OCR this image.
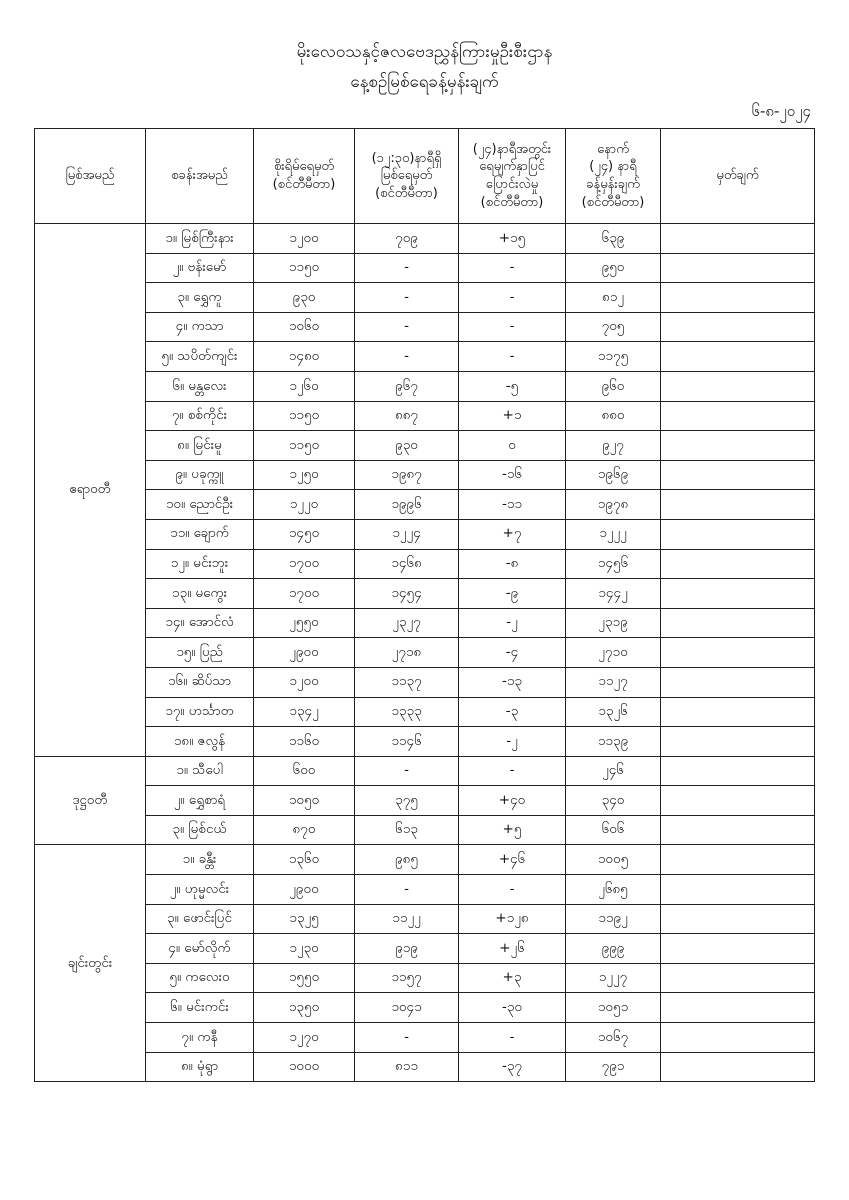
မိုးလေဝသနှင့်ဇလဗေဒညွှန်ကြားမှုဦးစီးဌာန
နေ့စဉ်မြစ်ရေခန့်မှန်းချက်
၆-၈-၂၀၂၄
မြစ်အမည်	စခန်းအမည်	စိုးရိမ်ရေမှတ်
(စင်တီမီတာ)	(၁၂:၃၀)နာရီရှိ
မြစ်ရေမှတ်
(စင်တီမီတာ)	(၂၄)နာရီအတွင်း
ရေမျက်နှာပြင်
ပြောင်းလဲမှု
(စင်တီမီတာ)	နောက်
(၂၄) နာရီ
ခန့်မှန်းချက်
(စင်တီမီတာ)	မှတ်ချက်
ဧရာဝတီ	၁။ မြစ်ကြီးနား	၁၂၀၀	၇၀၉	+၁၅	၆၃၉	
	၂။ ဗန်းမော်	၁၁၅၀	-	-	၉၅၀	
	၃။ ရွှေကူ	၉၃၀	-	-	၈၁၂	
	၄။ ကသာ	၁၀၆၀	-	-	၇၀၅	
	၅။ သပိတ်ကျင်း	၁၄၈၀	-	-	၁၁၇၅	
	၆။ မန္တလေး	၁၂၆၀	၉၆၇	-၅	၉၆၀	
	၇။ စစ်ကိုင်း	၁၁၅၀	၈၈၇	+၁	၈၈၀	
	၈။ မြင်းမူ	၁၁၅၀	၉၃၀	၀	၉၂၇	
	၉။ ပခုက္ကူ	၁၂၅၀	၁၉၈၇	-၁၆	၁၉၆၉	
	၁၀။ ညောင်ဦး	၁၂၂၀	၁၉၉၆	-၁၁	၁၉၇၈	
	၁၁။ ချောက်	၁၄၅၀	၁၂၂၄	+၇	၁၂၂၂	
	၁၂။ မင်းဘူး	၁၇၀၀	၁၄၆၈	-၈	၁၄၅၆	
	၁၃။ မကွေး	၁၇၀၀	၁၄၅၄	-၉	၁၄၄၂	
	၁၄။ အောင်လံ	၂၅၅၀	၂၃၂၇	-၂	၂၃၁၉	
	၁၅။ ပြည်	၂၉၀၀	၂၇၁၈	-၄	၂၇၁၀	
	၁၆။ ဆိပ်သာ	၁၂၀၀	၁၁၃၇	-၁၃	၁၁၂၇	
	၁၇။ ဟင်္သာတ	၁၃၄၂	၁၃၃၃	-၃	၁၃၂၆	
	၁၈။ ဇလွန်	၁၁၆၀	၁၁၄၆	-၂	၁၁၃၉	
ဒုဋ္ဌဝတီ	၁။ သီပေါ	၆၀၀	-	-	၂၄၆	
	၂။ ရွှေစာရံ	၁၀၅၀	၃၇၅	+၄၀	၃၄၀	
	၃။ မြစ်ငယ်	၈၇၀	၆၁၃	+၅	၆၀၆	
ချင်းတွင်း	၁။ ခန္တီး	၁၃၆၀	၉၈၅	+၄၆	၁၀၀၅	
	၂။ ဟုမ္မလင်း	၂၉၀၀	-	-	၂၆၈၅	
	၃။ ဖောင်းပြင်	၁၃၂၅	၁၁၂၂	+၁၂၈	၁၁၉၂	
	၄။ မော်လိုက်	၁၂၃၀	၉၁၉	+၂၆	၉၉၉	
	၅။ ကလေးဝ	၁၅၅၀	၁၁၅၇	+၃	၁၂၂၇	
	၆။ မင်းကင်း	၁၃၅၀	၁၀၄၁	-၃၀	၁၀၅၁	
	၇။ ကနီ	၁၂၇၀	-	-	၁၀၆၇	
	၈။ မုံရွာ	၁၀၀၀	၈၁၁	-၃၇	၇၉၁	
